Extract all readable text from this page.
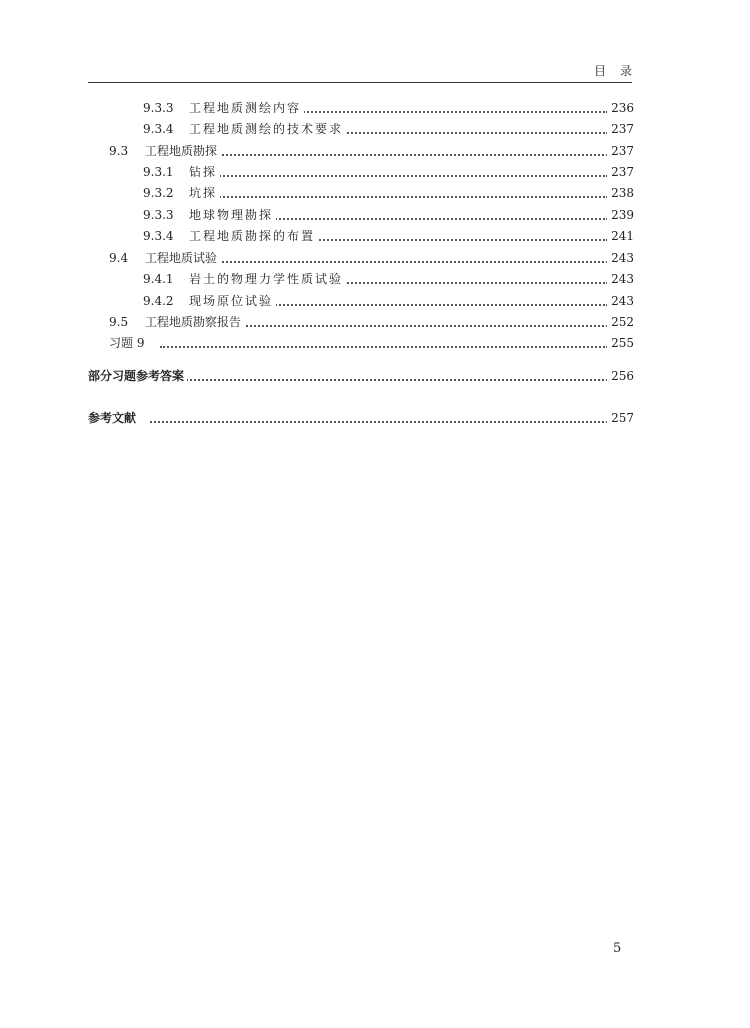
目录
9.3.3 工程地质测绘内容	236
9.3.4 工程地质测绘的技术要求	237
9.3 工程地质勘探	237
9.3.1 钻探	237
9.3.2 坑探	238
9.3.3 地球物理勘探	239
9.3.4 工程地质勘探的布置	241
9.4 工程地质试验	243
9.4.1 岩土的物理力学性质试验	243
9.4.2 现场原位试验	243
9.5 工程地质勘察报告	252
习题 9	255
部分习题参考答案	256
参考文献	257
5
